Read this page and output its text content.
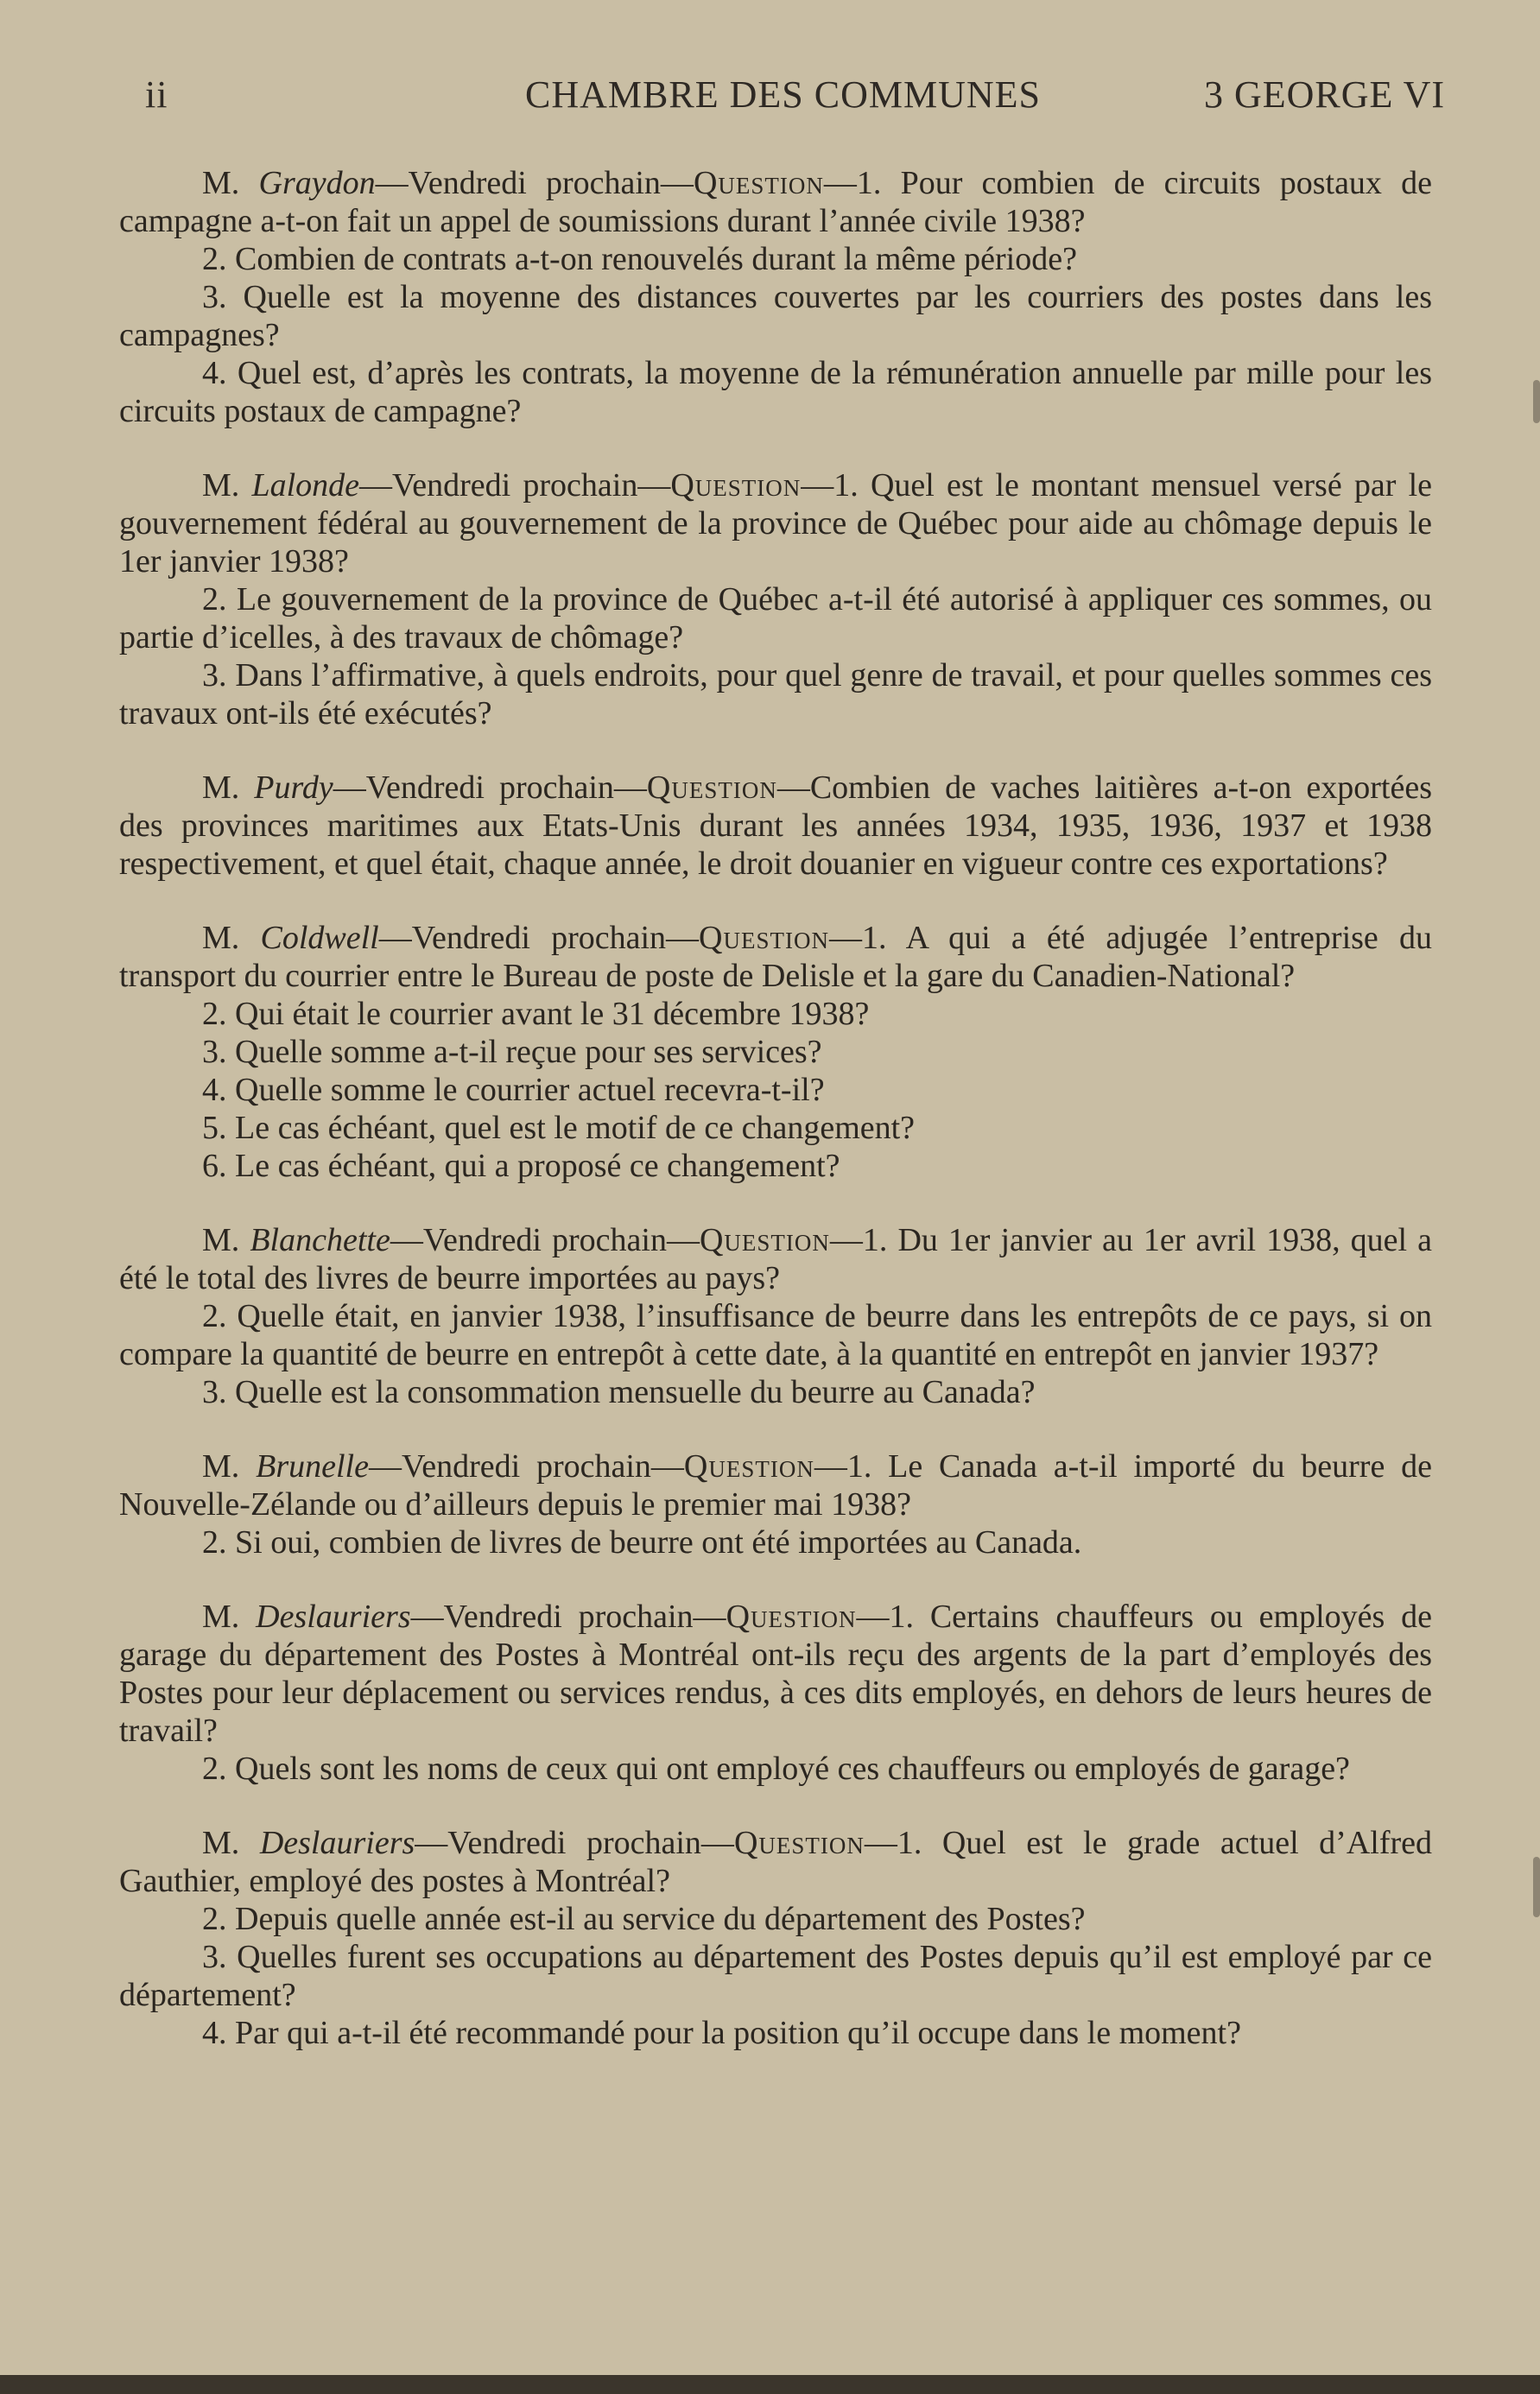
ii	CHAMBRE DES COMMUNES	3 GEORGE VI

M. Graydon—Vendredi prochain—Question—1. Pour combien de circuits postaux de campagne a-t-on fait un appel de soumissions durant l’année civile 1938?

2. Combien de contrats a-t-on renouvelés durant la même période?

3. Quelle est la moyenne des distances couvertes par les courriers des postes dans les campagnes?

4. Quel est, d’après les contrats, la moyenne de la rémunération annuelle par mille pour les circuits postaux de campagne?

M. Lalonde—Vendredi prochain—Question—1. Quel est le montant mensuel versé par le gouvernement fédéral au gouvernement de la province de Québec pour aide au chômage depuis le 1er janvier 1938?

2. Le gouvernement de la province de Québec a-t-il été autorisé à appliquer ces sommes, ou partie d’icelles, à des travaux de chômage?

3. Dans l’affirmative, à quels endroits, pour quel genre de travail, et pour quelles sommes ces travaux ont-ils été exécutés?

M. Purdy—Vendredi prochain—Question—Combien de vaches laitières a-t-on exportées des provinces maritimes aux Etats-Unis durant les années 1934, 1935, 1936, 1937 et 1938 respectivement, et quel était, chaque année, le droit douanier en vigueur contre ces exportations?

M. Coldwell—Vendredi prochain—Question—1. A qui a été adjugée l’entreprise du transport du courrier entre le Bureau de poste de Delisle et la gare du Canadien-National?

2. Qui était le courrier avant le 31 décembre 1938?

3. Quelle somme a-t-il reçue pour ses services?

4. Quelle somme le courrier actuel recevra-t-il?

5. Le cas échéant, quel est le motif de ce changement?

6. Le cas échéant, qui a proposé ce changement?

M. Blanchette—Vendredi prochain—Question—1. Du 1er janvier au 1er avril 1938, quel a été le total des livres de beurre importées au pays?

2. Quelle était, en janvier 1938, l’insuffisance de beurre dans les entrepôts de ce pays, si on compare la quantité de beurre en entrepôt à cette date, à la quantité en entrepôt en janvier 1937?

3. Quelle est la consommation mensuelle du beurre au Canada?

M. Brunelle—Vendredi prochain—Question—1. Le Canada a-t-il importé du beurre de Nouvelle-Zélande ou d’ailleurs depuis le premier mai 1938?

2. Si oui, combien de livres de beurre ont été importées au Canada.

M. Deslauriers—Vendredi prochain—Question—1. Certains chauffeurs ou employés de garage du département des Postes à Montréal ont-ils reçu des argents de la part d’employés des Postes pour leur déplacement ou services rendus, à ces dits employés, en dehors de leurs heures de travail?

2. Quels sont les noms de ceux qui ont employé ces chauffeurs ou employés de garage?

M. Deslauriers—Vendredi prochain—Question—1. Quel est le grade actuel d’Alfred Gauthier, employé des postes à Montréal?

2. Depuis quelle année est-il au service du département des Postes?

3. Quelles furent ses occupations au département des Postes depuis qu’il est employé par ce département?

4. Par qui a-t-il été recommandé pour la position qu’il occupe dans le moment?
